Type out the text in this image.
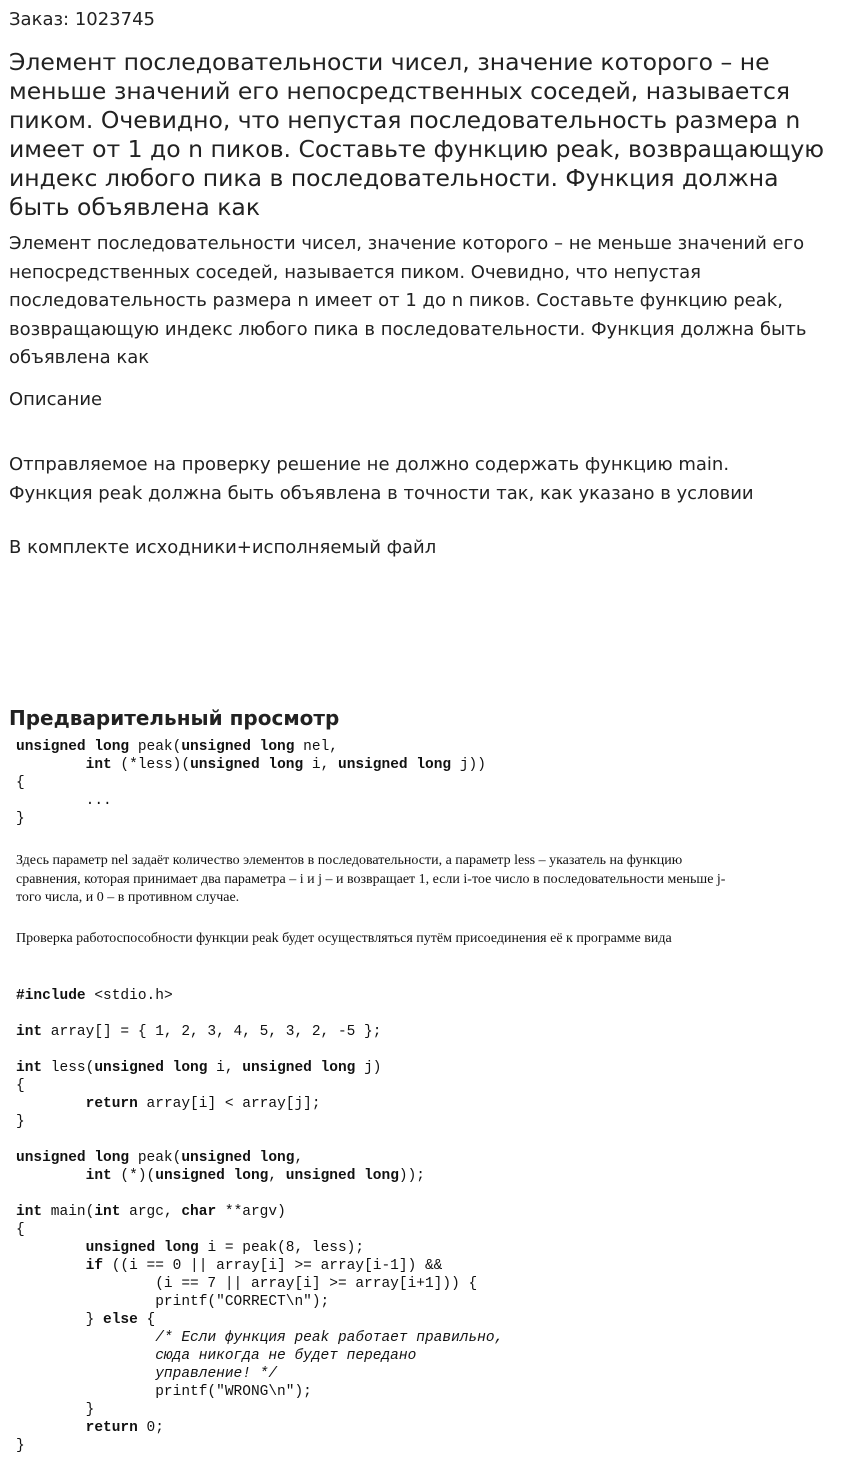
Заказ: 1023745
Элемент последовательности чисел, значение которого – не меньше значений его непосредственных соседей, называется пиком. Очевидно, что непустая последовательность размера n имеет от 1 до n пиков. Составьте функцию peak, возвращающую индекс любого пика в последовательности. Функция должна быть объявлена как
Элемент последовательности чисел, значение которого – не меньше значений его непосредственных соседей, называется пиком. Очевидно, что непустая последовательность размера n имеет от 1 до n пиков. Составьте функцию peak, возвращающую индекс любого пика в последовательности. Функция должна быть объявлена как
Описание
Отправляемое на проверку решение не должно содержать функцию main.
Функция peak должна быть объявлена в точности так, как указано в условии
В комплекте исходники+исполняемый файл
Предварительный просмотр
unsigned long peak(unsigned long nel,
int (*less)(unsigned long i, unsigned long j))
{
...
}
Здесь параметр nel задаёт количество элементов в последовательности, а параметр less – указатель на функцию сравнения, которая принимает два параметра – i и j – и возвращает 1, если i-тое число в последовательности меньше j-того числа, и 0 – в противном случае.
Проверка работоспособности функции peak будет осуществляться путём присоединения её к программе вида
#include <stdio.h>

int array[] = { 1, 2, 3, 4, 5, 3, 2, -5 };

int less(unsigned long i, unsigned long j)
{
return array[i] < array[j];
}

unsigned long peak(unsigned long,
int (*)(unsigned long, unsigned long));

int main(int argc, char **argv)
{
unsigned long i = peak(8, less);
if ((i == 0 || array[i] >= array[i-1]) &&
(i == 7 || array[i] >= array[i+1])) {
printf("CORRECT\n");
} else {
/* Если функция peak работает правильно,
сюда никогда не будет передано
управление! */
printf("WRONG\n");
}
return 0;
}
